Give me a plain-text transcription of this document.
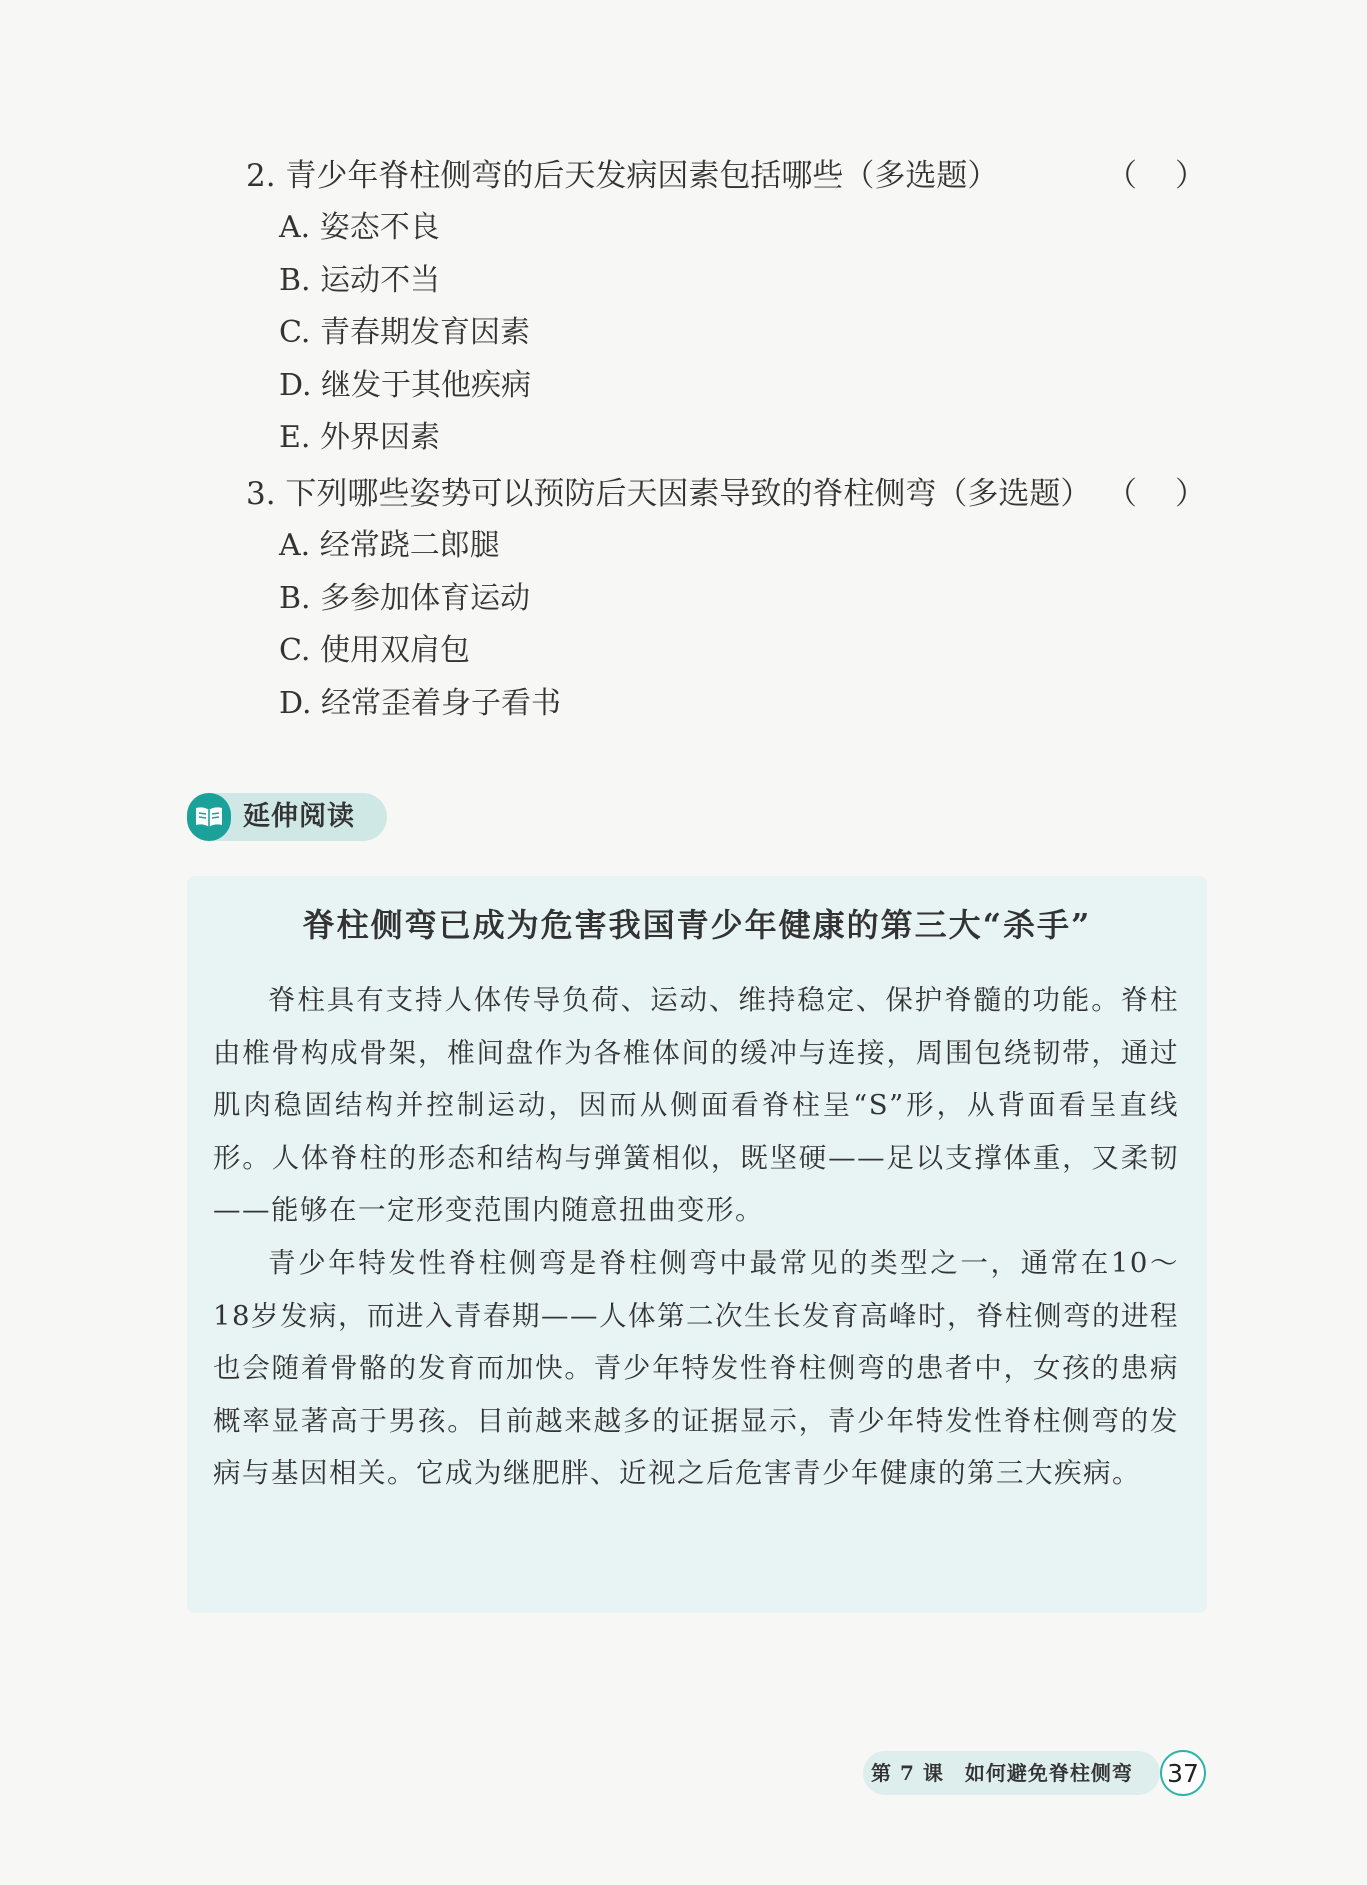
2. 青少年脊柱侧弯的后天发病因素包括哪些（多选题）	（ ）
A. 姿态不良
B. 运动不当
C. 青春期发育因素
D. 继发于其他疾病
E. 外界因素
3. 下列哪些姿势可以预防后天因素导致的脊柱侧弯（多选题） （ ）
A. 经常跷二郎腿
B. 多参加体育运动
C. 使用双肩包
D. 经常歪着身子看书
延伸阅读
脊柱侧弯已成为危害我国青少年健康的第三大“杀手”

脊柱具有支持人体传导负荷、运动、维持稳定、保护脊髓的功能。脊柱由椎骨构成骨架，椎间盘作为各椎体间的缓冲与连接，周围包绕韧带，通过肌肉稳固结构并控制运动，因而从侧面看脊柱呈“S”形，从背面看呈直线形。人体脊柱的形态和结构与弹簧相似，既坚硬——足以支撑体重，又柔韧——能够在一定形变范围内随意扭曲变形。

青少年特发性脊柱侧弯是脊柱侧弯中最常见的类型之一，通常在10～18岁发病，而进入青春期——人体第二次生长发育高峰时，脊柱侧弯的进程也会随着骨骼的发育而加快。青少年特发性脊柱侧弯的患者中，女孩的患病概率显著高于男孩。目前越来越多的证据显示，青少年特发性脊柱侧弯的发病与基因相关。它成为继肥胖、近视之后危害青少年健康的第三大疾病。

第 7 课　如何避免脊柱侧弯 37
